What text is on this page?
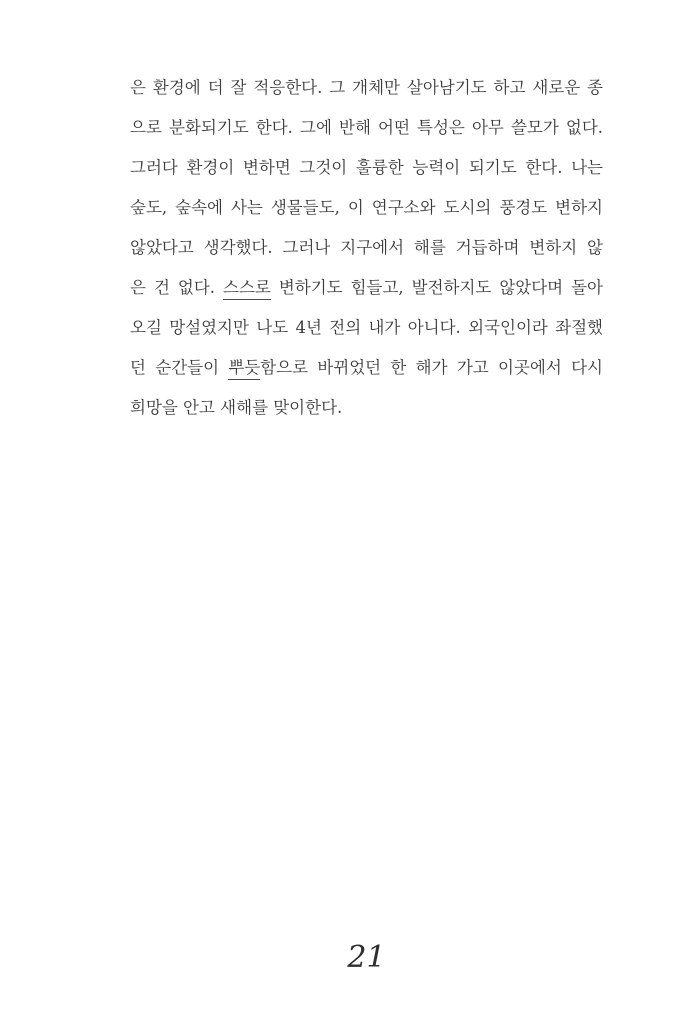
은 환경에 더 잘 적응한다. 그 개체만 살아남기도 하고 새로운 종
으로 분화되기도 한다. 그에 반해 어떤 특성은 아무 쓸모가 없다.
그러다 환경이 변하면 그것이 훌륭한 능력이 되기도 한다. 나는
숲도, 숲속에 사는 생물들도, 이 연구소와 도시의 풍경도 변하지
않았다고 생각했다. 그러나 지구에서 해를 거듭하며 변하지 않
은 건 없다. 스스로 변하기도 힘들고, 발전하지도 않았다며 돌아
오길 망설였지만 나도 4년 전의 내가 아니다. 외국인이라 좌절했
던 순간들이 뿌듯함으로 바뀌었던 한 해가 가고 이곳에서 다시
희망을 안고 새해를 맞이한다.
21
